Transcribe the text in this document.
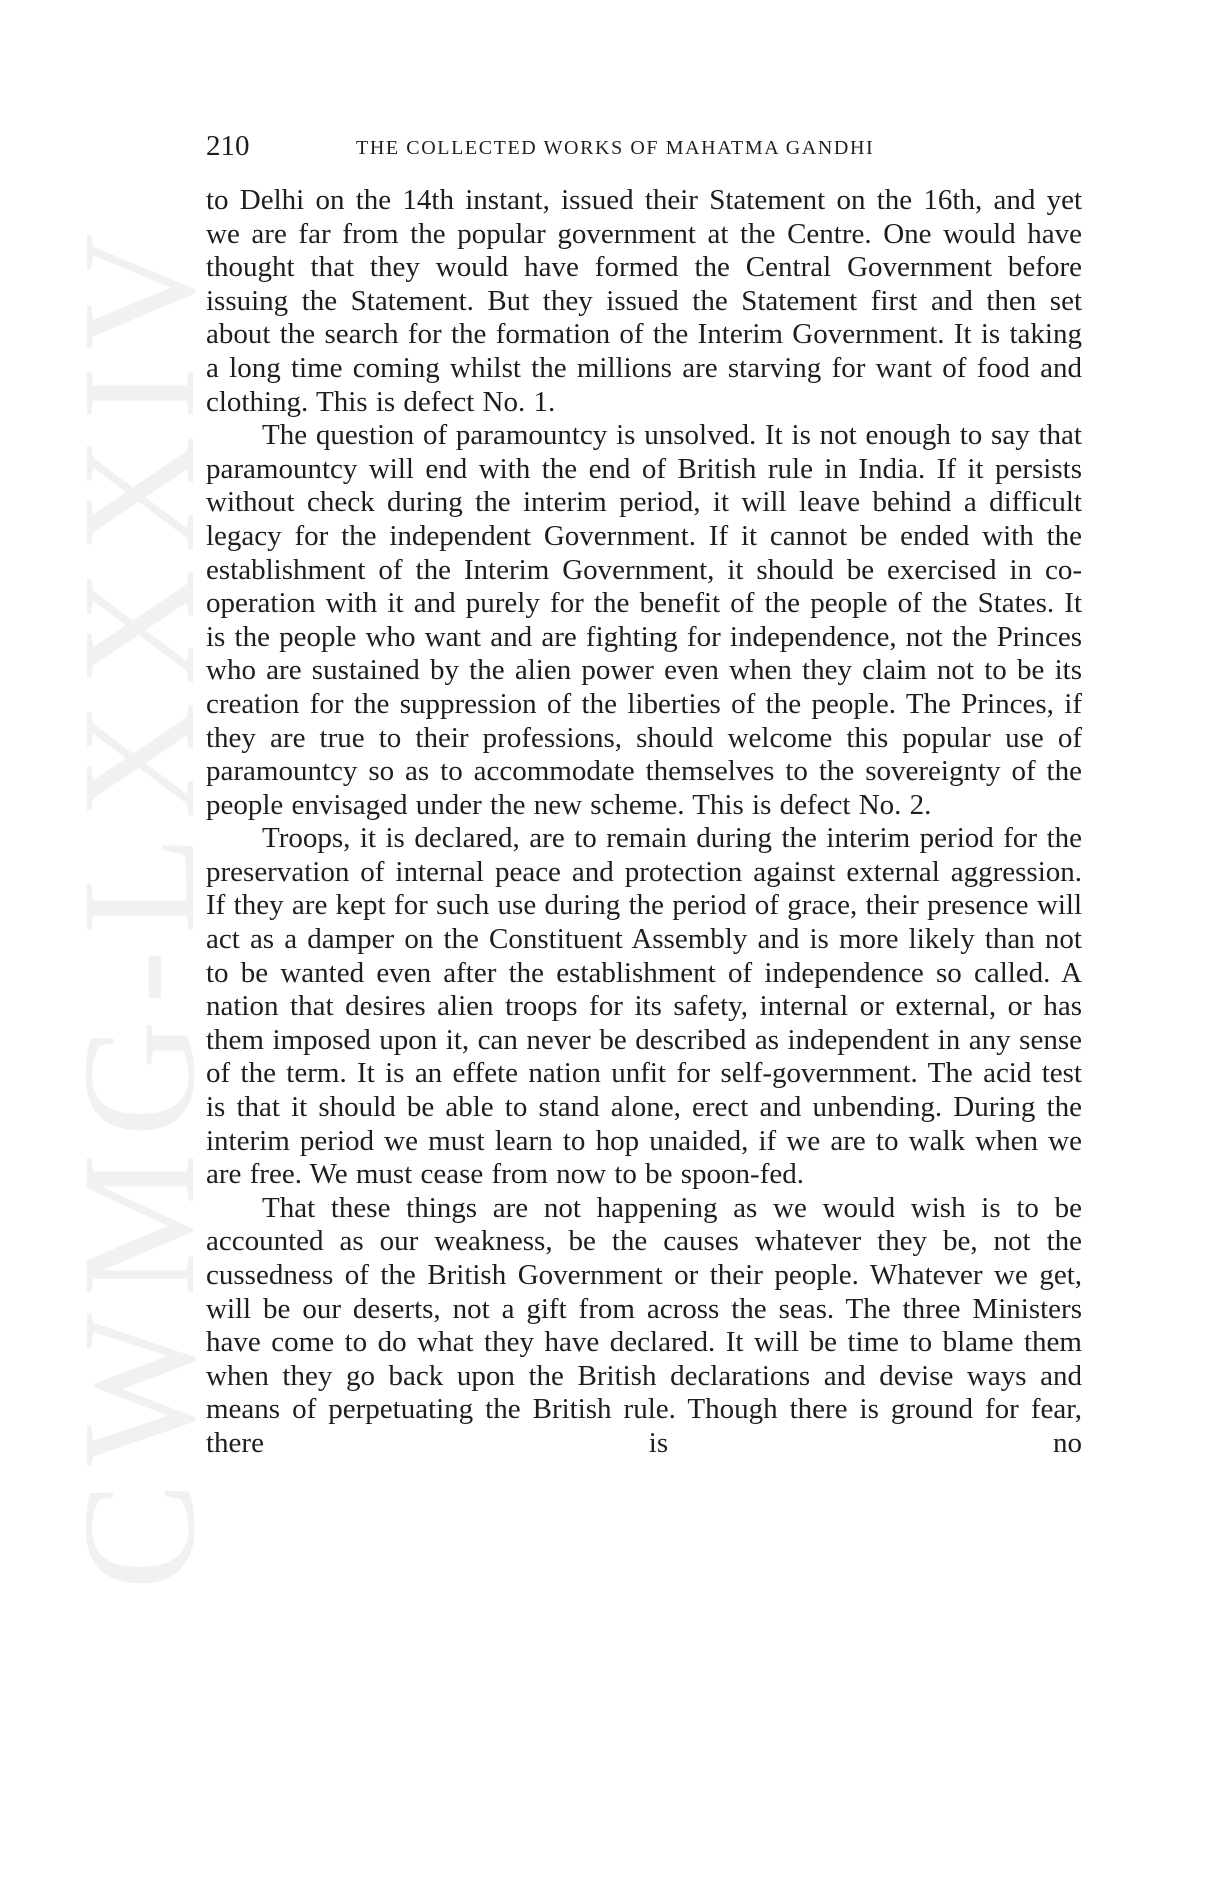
CWMG-LXXXIV
210	THE COLLECTED WORKS OF MAHATMA GANDHI

to Delhi on the 14th instant, issued their Statement on the 16th, and yet we are far from the popular government at the Centre. One would have thought that they would have formed the Central Government before issuing the Statement. But they issued the Statement first and then set about the search for the formation of the Interim Government. It is taking a long time coming whilst the millions are starving for want of food and clothing. This is defect No. 1.

The question of paramountcy is unsolved. It is not enough to say that paramountcy will end with the end of British rule in India. If it persists without check during the interim period, it will leave behind a difficult legacy for the independent Government. If it cannot be ended with the establishment of the Interim Government, it should be exercised in co-operation with it and purely for the benefit of the people of the States. It is the people who want and are fighting for independence, not the Princes who are sustained by the alien power even when they claim not to be its creation for the suppression of the liberties of the people. The Princes, if they are true to their professions, should welcome this popular use of paramountcy so as to accommodate themselves to the sovereignty of the people envisaged under the new scheme. This is defect No. 2.

Troops, it is declared, are to remain during the interim period for the preservation of internal peace and protection against external aggression. If they are kept for such use during the period of grace, their presence will act as a damper on the Constituent Assembly and is more likely than not to be wanted even after the establishment of independence so called. A nation that desires alien troops for its safety, internal or external, or has them imposed upon it, can never be described as independent in any sense of the term. It is an effete nation unfit for self-government. The acid test is that it should be able to stand alone, erect and unbending. During the interim period we must learn to hop unaided, if we are to walk when we are free. We must cease from now to be spoon-fed.

That these things are not happening as we would wish is to be accounted as our weakness, be the causes whatever they be, not the cussedness of the British Government or their people. Whatever we get, will be our deserts, not a gift from across the seas. The three Ministers have come to do what they have declared. It will be time to blame them when they go back upon the British declarations and devise ways and means of perpetuating the British rule. Though there is ground for fear, there is no
